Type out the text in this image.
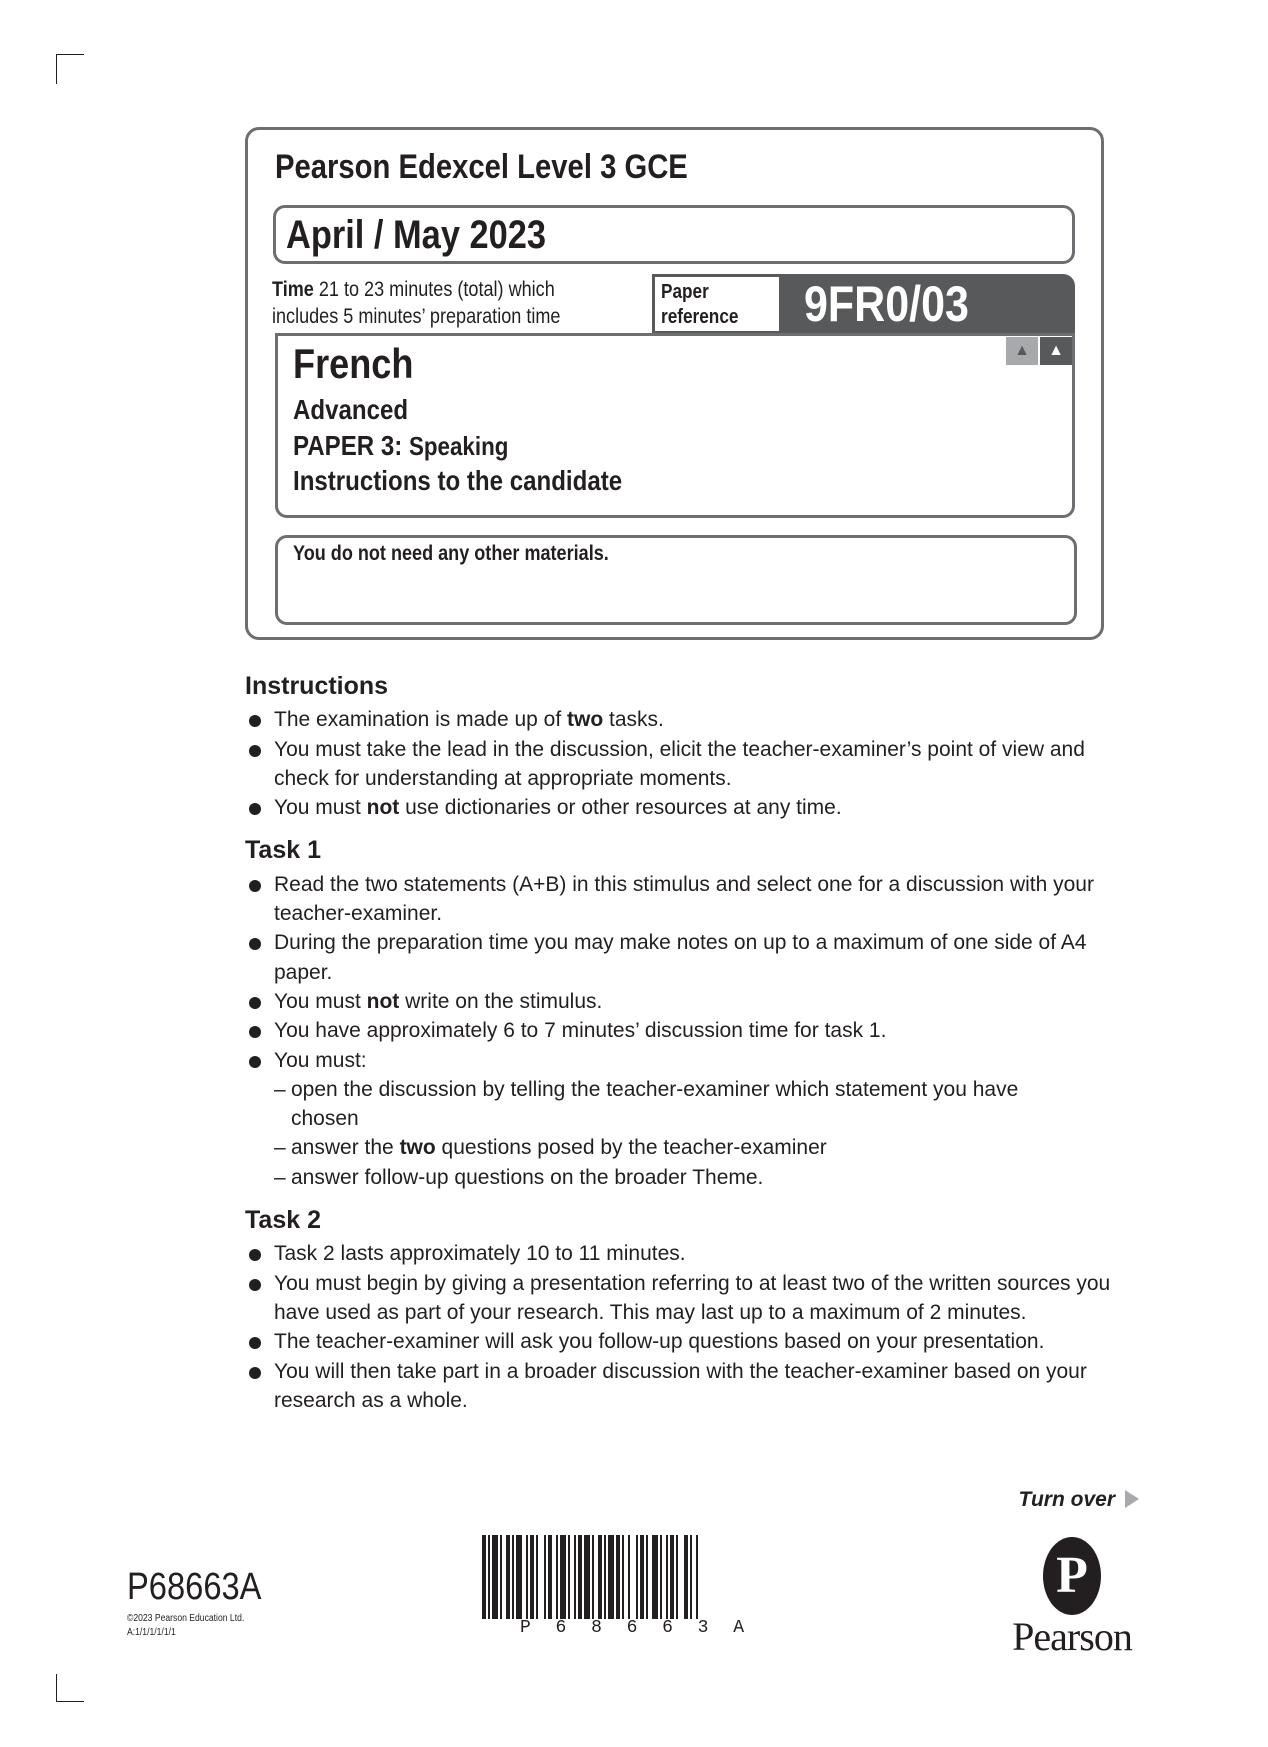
Pearson Edexcel Level 3 GCE
April / May 2023
Time 21 to 23 minutes (total) which
includes 5 minutes’ preparation time
Paper
reference	9FR0/03
▲	▲
French
Advanced
PAPER 3: Speaking
Instructions to the candidate
You do not need any other materials.
Instructions
The examination is made up of two tasks.
You must take the lead in the discussion, elicit the teacher-examiner’s point of view and check for understanding at appropriate moments.
You must not use dictionaries or other resources at any time.
Task 1
Read the two statements (A+B) in this stimulus and select one for a discussion with your teacher-examiner.
During the preparation time you may make notes on up to a maximum of one side of A4 paper.
You must not write on the stimulus.
You have approximately 6 to 7 minutes’ discussion time for task 1.
You must:
– open the discussion by telling the teacher-examiner which statement you have chosen
– answer the two questions posed by the teacher-examiner
– answer follow-up questions on the broader Theme.
Task 2
Task 2 lasts approximately 10 to 11 minutes.
You must begin by giving a presentation referring to at least two of the written sources you have used as part of your research. This may last up to a maximum of 2 minutes.
The teacher-examiner will ask you follow-up questions based on your presentation.
You will then take part in a broader discussion with the teacher-examiner based on your research as a whole.
Turn over
P68663A
©2023 Pearson Education Ltd.
A:1/1/1/1/1/1	P 6 8 6 6 3 A
P
Pearson
